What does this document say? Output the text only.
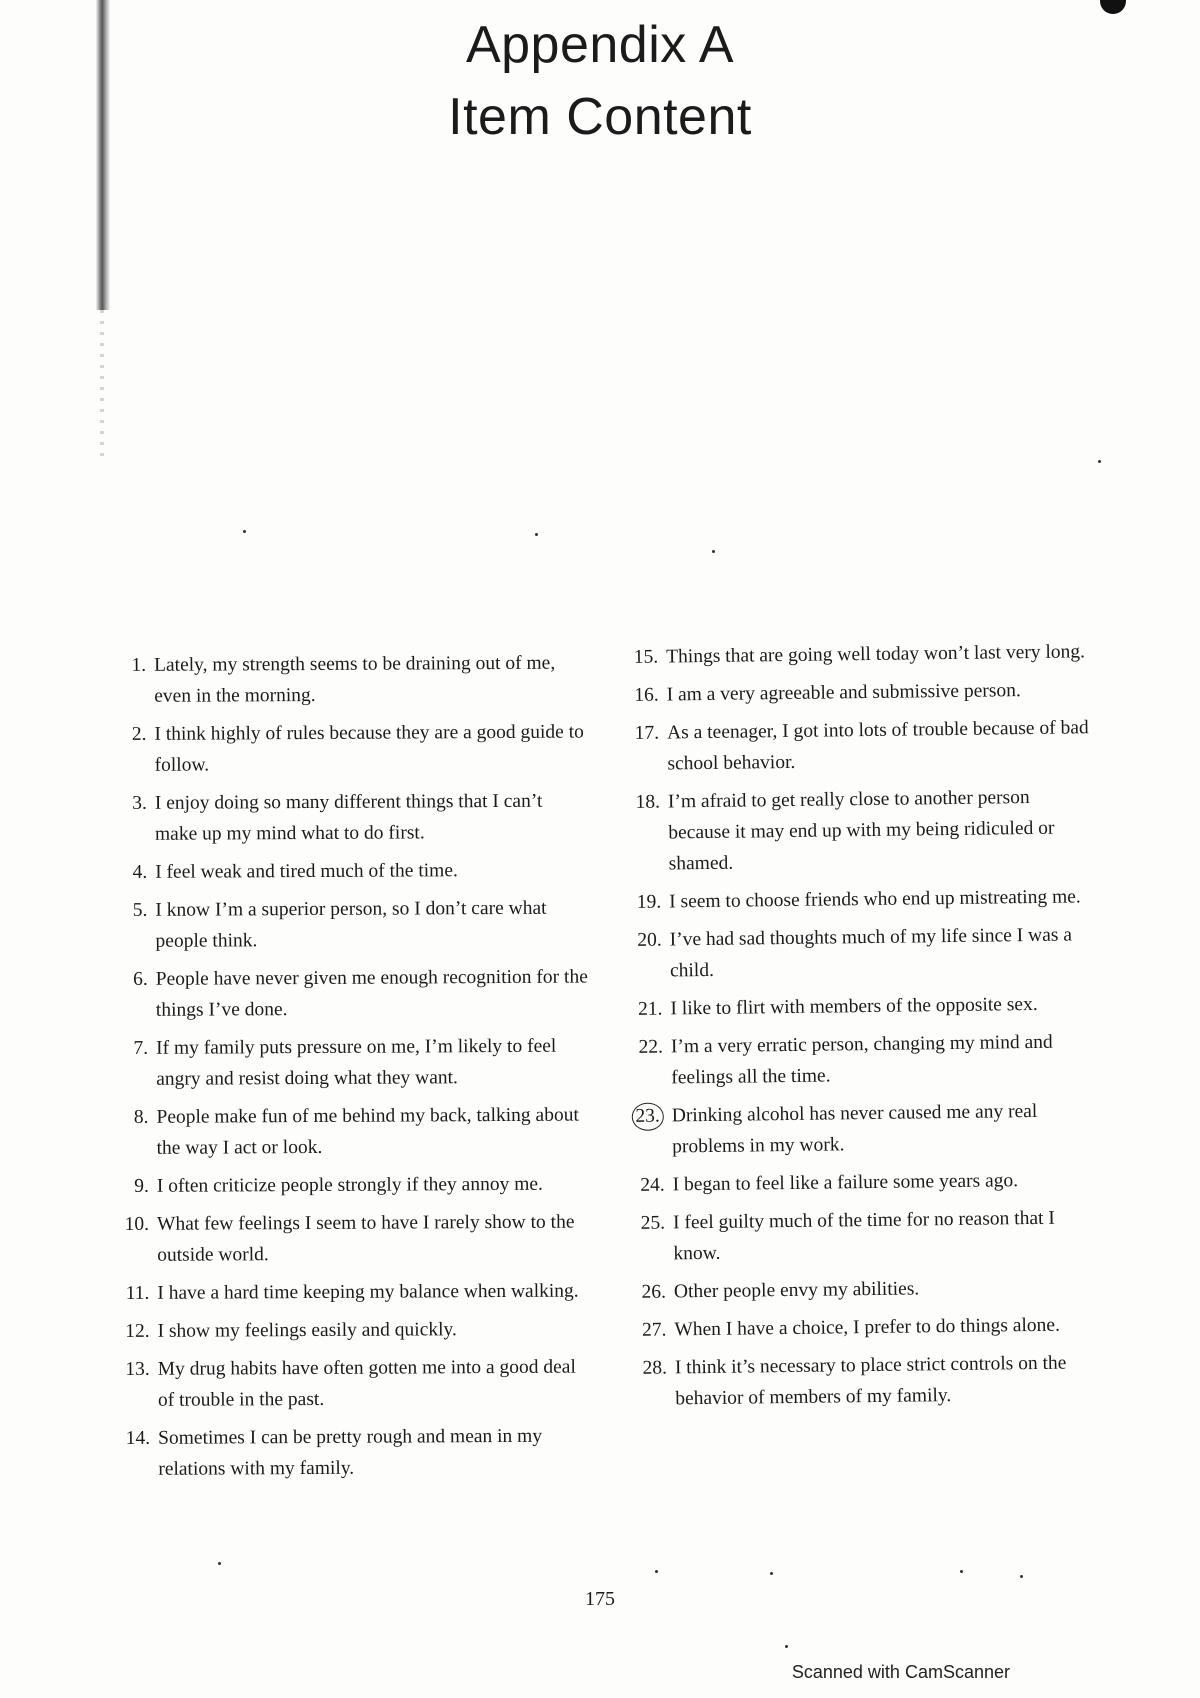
Appendix A
Item Content
1. Lately, my strength seems to be draining out of me, even in the morning.
2. I think highly of rules because they are a good guide to follow.
3. I enjoy doing so many different things that I can’t make up my mind what to do first.
4. I feel weak and tired much of the time.
5. I know I’m a superior person, so I don’t care what people think.
6. People have never given me enough recognition for the things I’ve done.
7. If my family puts pressure on me, I’m likely to feel angry and resist doing what they want.
8. People make fun of me behind my back, talking about the way I act or look.
9. I often criticize people strongly if they annoy me.
10. What few feelings I seem to have I rarely show to the outside world.
11. I have a hard time keeping my balance when walking.
12. I show my feelings easily and quickly.
13. My drug habits have often gotten me into a good deal of trouble in the past.
14. Sometimes I can be pretty rough and mean in my relations with my family.
15. Things that are going well today won’t last very long.
16. I am a very agreeable and submissive person.
17. As a teenager, I got into lots of trouble because of bad school behavior.
18. I’m afraid to get really close to another person because it may end up with my being ridiculed or shamed.
19. I seem to choose friends who end up mistreating me.
20. I’ve had sad thoughts much of my life since I was a child.
21. I like to flirt with members of the opposite sex.
22. I’m a very erratic person, changing my mind and feelings all the time.
23. Drinking alcohol has never caused me any real problems in my work.
24. I began to feel like a failure some years ago.
25. I feel guilty much of the time for no reason that I know.
26. Other people envy my abilities.
27. When I have a choice, I prefer to do things alone.
28. I think it’s necessary to place strict controls on the behavior of members of my family.
175
Scanned with CamScanner
